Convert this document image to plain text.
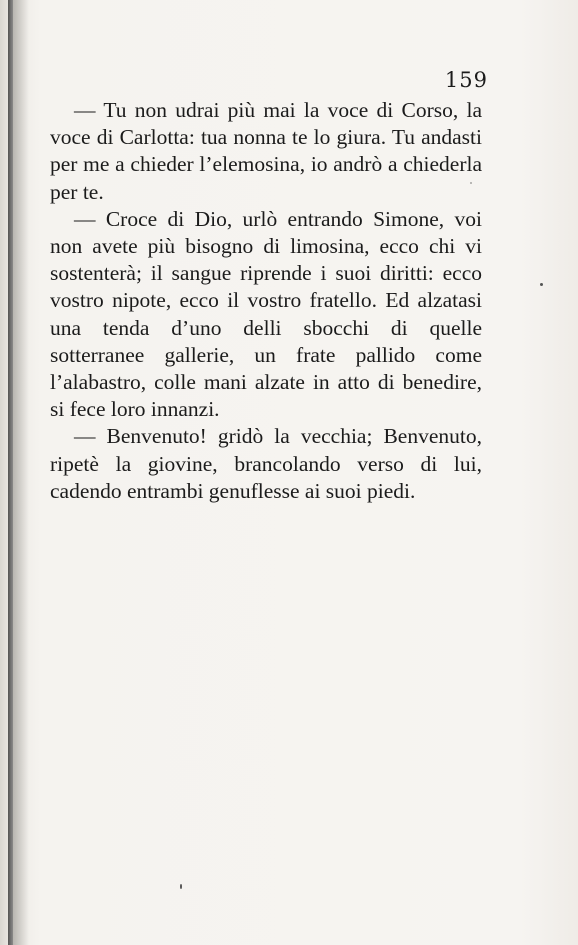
159

— Tu non udrai più mai la voce di Corso, la voce di Carlotta: tua nonna te lo giura. Tu andasti per me a chieder l’elemosina, io andrò a chiederla per te.

— Croce di Dio, urlò entrando Simone, voi non avete più bisogno di limosina, ecco chi vi sostenterà; il sangue riprende i suoi diritti: ecco vostro nipote, ecco il vostro fratello. Ed alzatasi una tenda d’uno delli sbocchi di quelle sotterranee gallerie, un frate pallido come l’alabastro, colle mani alzate in atto di benedire, si fece loro innanzi.

— Benvenuto! gridò la vecchia; Benvenuto, ripetè la giovine, brancolando verso di lui, cadendo entrambi genuflesse ai suoi piedi.
